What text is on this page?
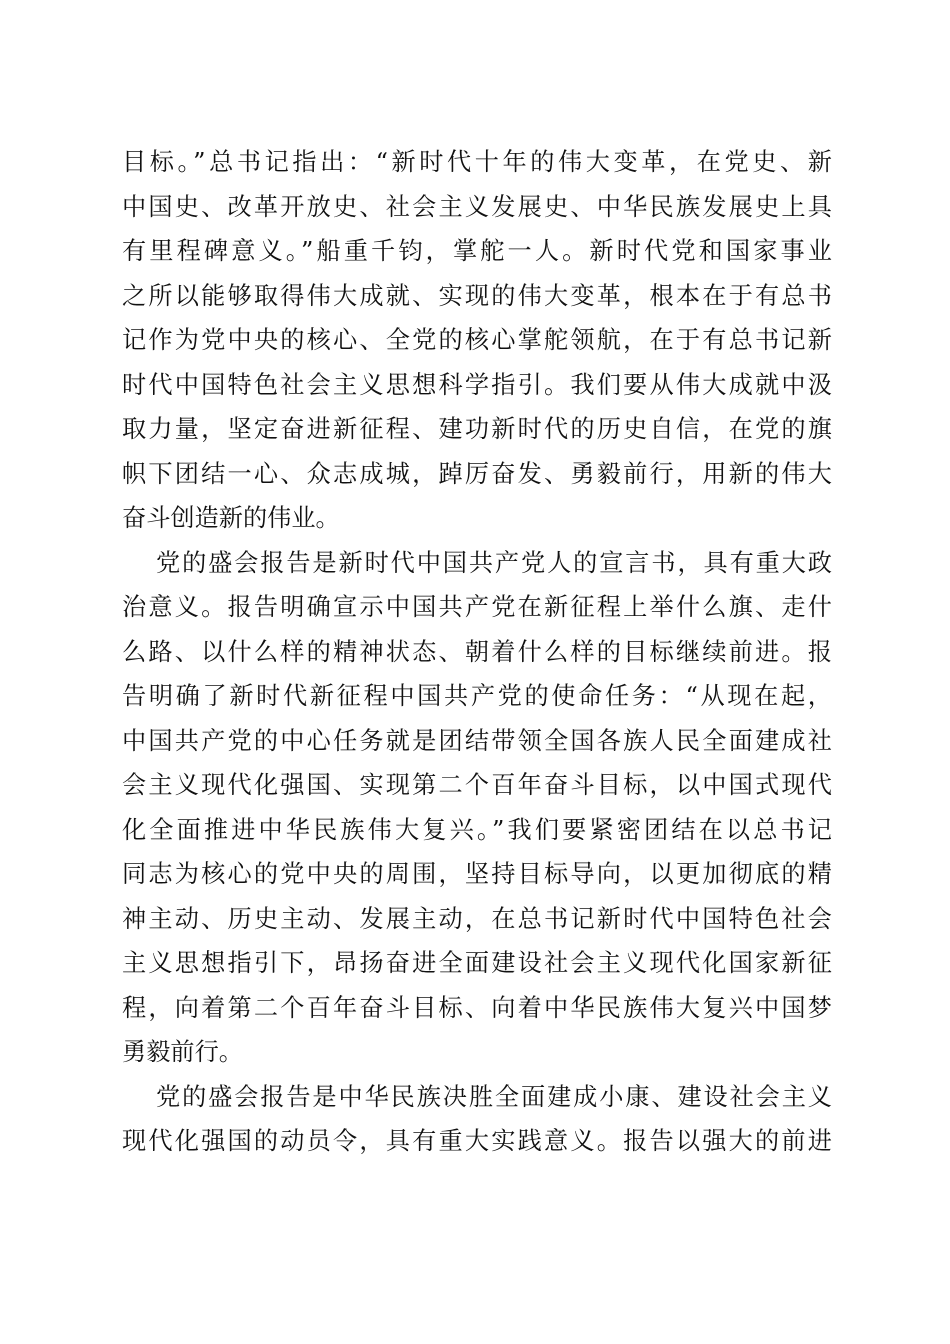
目标。”总书记指出：“新时代十年的伟大变革，在党史、新
中国史、改革开放史、社会主义发展史、中华民族发展史上具
有里程碑意义。”船重千钧，掌舵一人。新时代党和国家事业
之所以能够取得伟大成就、实现的伟大变革，根本在于有总书
记作为党中央的核心、全党的核心掌舵领航，在于有总书记新
时代中国特色社会主义思想科学指引。我们要从伟大成就中汲
取力量，坚定奋进新征程、建功新时代的历史自信，在党的旗
帜下团结一心、众志成城，踔厉奋发、勇毅前行，用新的伟大
奋斗创造新的伟业。
党的盛会报告是新时代中国共产党人的宣言书，具有重大政
治意义。报告明确宣示中国共产党在新征程上举什么旗、走什
么路、以什么样的精神状态、朝着什么样的目标继续前进。报
告明确了新时代新征程中国共产党的使命任务：“从现在起，
中国共产党的中心任务就是团结带领全国各族人民全面建成社
会主义现代化强国、实现第二个百年奋斗目标，以中国式现代
化全面推进中华民族伟大复兴。”我们要紧密团结在以总书记
同志为核心的党中央的周围，坚持目标导向，以更加彻底的精
神主动、历史主动、发展主动，在总书记新时代中国特色社会
主义思想指引下，昂扬奋进全面建设社会主义现代化国家新征
程，向着第二个百年奋斗目标、向着中华民族伟大复兴中国梦
勇毅前行。
党的盛会报告是中华民族决胜全面建成小康、建设社会主义
现代化强国的动员令，具有重大实践意义。报告以强大的前进
